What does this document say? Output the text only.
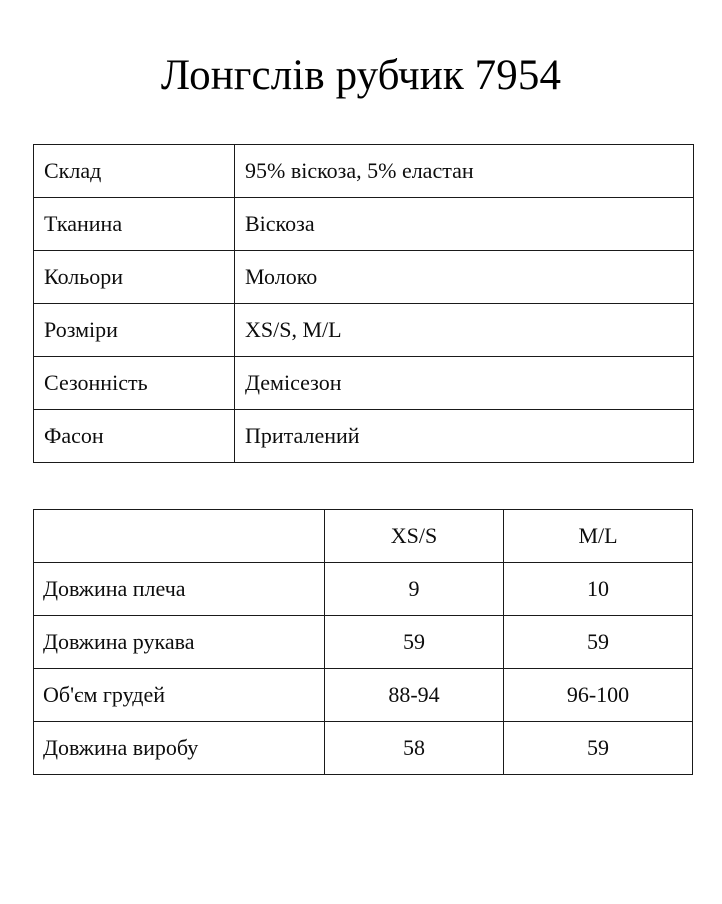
Лонгслів рубчик 7954
Склад	95% віскоза, 5% еластан
Тканина	Віскоза
Кольори	Молоко
Розміри	XS/S, M/L
Сезонність	Демісезон
Фасон	Приталений
	XS/S	M/L
Довжина плеча	9	10
Довжина рукава	59	59
Об'єм грудей	88-94	96-100
Довжина виробу	58	59
